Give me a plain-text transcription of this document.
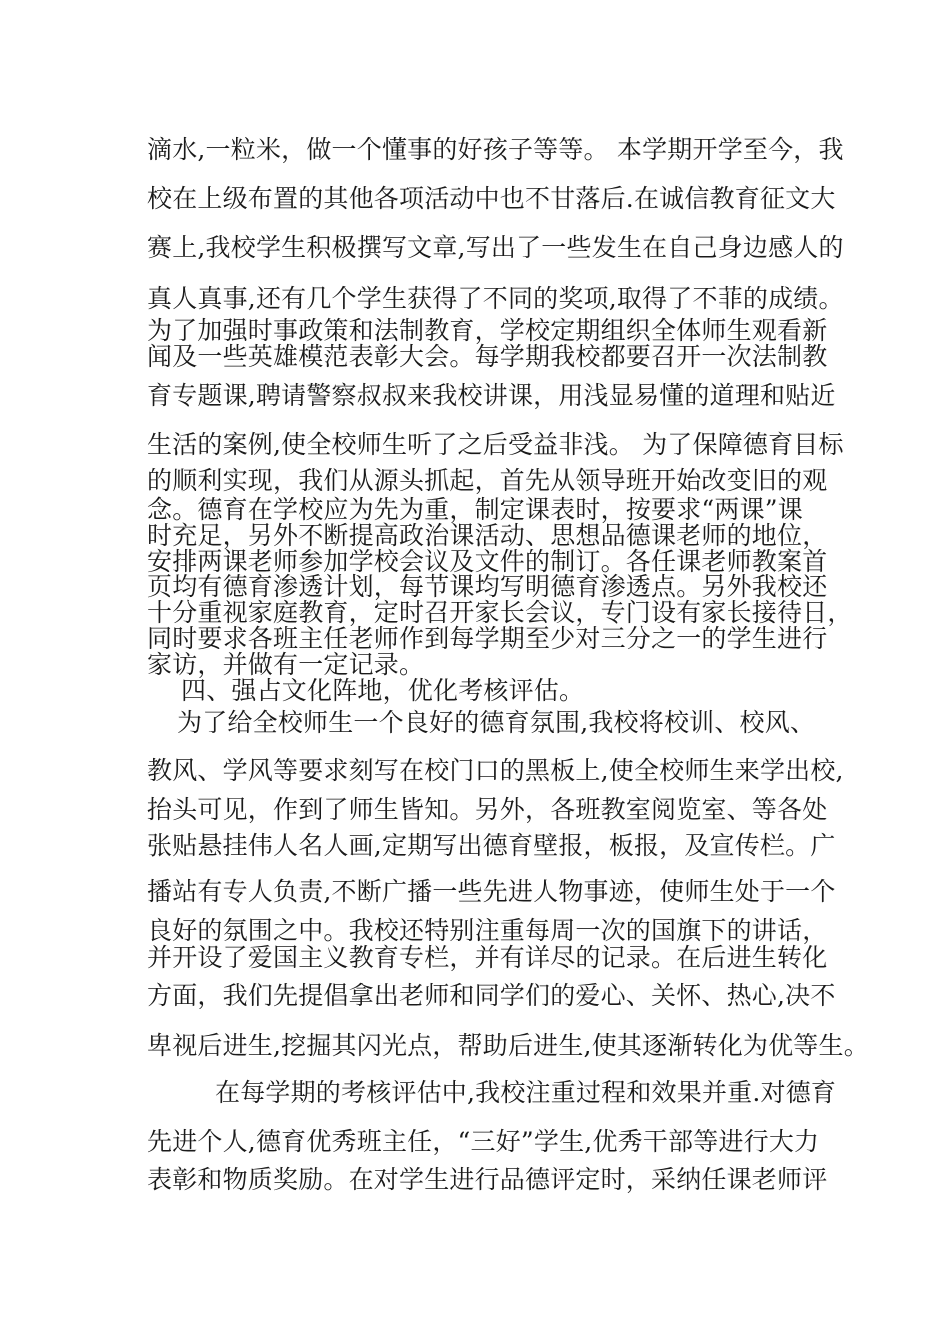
滴水,一粒米，做一个懂事的好孩子等等。 本学期开学至今，我

校在上级布置的其他各项活动中也不甘落后.在诚信教育征文大

赛上,我校学生积极撰写文章,写出了一些发生在自己身边感人的

真人真事,还有几个学生获得了不同的奖项,取得了不菲的成绩。

为了加强时事政策和法制教育，学校定期组织全体师生观看新

闻及一些英雄模范表彰大会。每学期我校都要召开一次法制教

育专题课,聘请警察叔叔来我校讲课，用浅显易懂的道理和贴近

生活的案例,使全校师生听了之后受益非浅。 为了保障德育目标

的顺利实现，我们从源头抓起，首先从领导班开始改变旧的观

念。德育在学校应为先为重，制定课表时，按要求“两课”课

时充足，另外不断提高政治课活动、思想品德课老师的地位，

安排两课老师参加学校会议及文件的制订。各任课老师教案首

页均有德育渗透计划，每节课均写明德育渗透点。另外我校还

十分重视家庭教育，定时召开家长会议，专门设有家长接待日，

同时要求各班主任老师作到每学期至少对三分之一的学生进行

家访，并做有一定记录。

四、强占文化阵地，优化考核评估。

为了给全校师生一个良好的德育氛围,我校将校训、校风、

教风、学风等要求刻写在校门口的黑板上,使全校师生来学出校,

抬头可见，作到了师生皆知。另外，各班教室阅览室、等各处

张贴悬挂伟人名人画,定期写出德育壁报，板报，及宣传栏。广

播站有专人负责,不断广播一些先进人物事迹，使师生处于一个

良好的氛围之中。我校还特别注重每周一次的国旗下的讲话，

并开设了爱国主义教育专栏，并有详尽的记录。在后进生转化

方面，我们先提倡拿出老师和同学们的爱心、关怀、热心,决不

卑视后进生,挖掘其闪光点，帮助后进生,使其逐渐转化为优等生。

在每学期的考核评估中,我校注重过程和效果并重.对德育

先进个人,德育优秀班主任，“三好”学生,优秀干部等进行大力

表彰和物质奖励。在对学生进行品德评定时，采纳任课老师评
